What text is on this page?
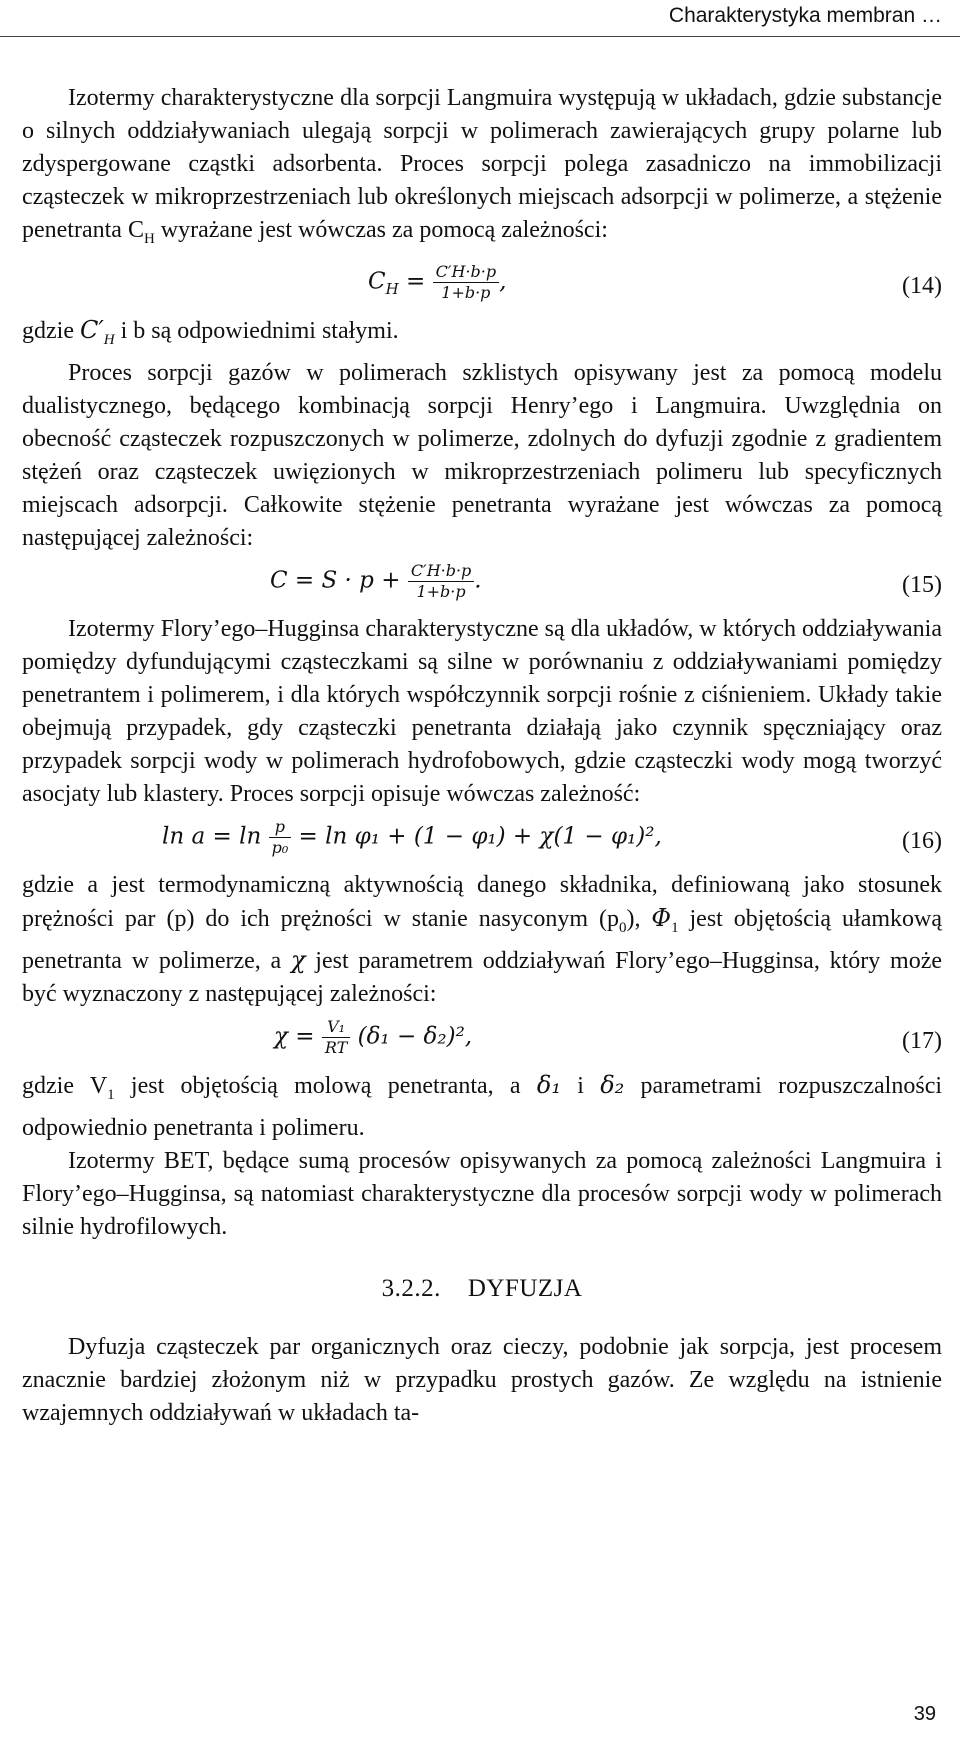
Charakterystyka membran …

Izotermy charakterystyczne dla sorpcji Langmuira występują w układach, gdzie substancje o silnych oddziaływaniach ulegają sorpcji w polimerach zawierających grupy polarne lub zdyspergowane cząstki adsorbenta. Proces sorpcji polega zasadniczo na immobilizacji cząsteczek w mikroprzestrzeniach lub określonych miejscach adsorpcji w polimerze, a stężenie penetranta $C_H$ wyrażane jest wówczas za pomocą zależności:

$C_H = \frac{C'H\cdot b\cdot p}{1+b\cdot p}$ ,	(14)

gdzie $C'_H$ i b są odpowiednimi stałymi.

Proces sorpcji gazów w polimerach szklistych opisywany jest za pomocą modelu dualistycznego, będącego kombinacją sorpcji Henry’ego i Langmuira. Uwzględnia on obecność cząsteczek rozpuszczonych w polimerze, zdolnych do dyfuzji zgodnie z gradientem stężeń oraz cząsteczek uwięzionych w mikroprzestrzeniach polimeru lub specyficznych miejscach adsorpcji. Całkowite stężenie penetranta wyrażane jest wówczas za pomocą następującej zależności:

$C = S \cdot p + \frac{C'H\cdot b\cdot p}{1+b\cdot p}$ .	(15)

Izotermy Flory’ego–Hugginsa charakterystyczne są dla układów, w których oddziaływania pomiędzy dyfundującymi cząsteczkami są silne w porównaniu z oddziaływaniami pomiędzy penetrantem i polimerem, i dla których współczynnik sorpcji rośnie z ciśnieniem. Układy takie obejmują przypadek, gdy cząsteczki penetranta działają jako czynnik spęczniający oraz przypadek sorpcji wody w polimerach hydrofobowych, gdzie cząsteczki wody mogą tworzyć asocjaty lub klastery. Proces sorpcji opisuje wówczas zależność:

$\ln a = \ln \frac{p}{\text{p₀}} = \ln \varphi_1 + (1 - \varphi_1) + \chi(1 - \varphi_1)^2$,	(16)

gdzie a jest termodynamiczną aktywnością danego składnika, definiowaną jako stosunek prężności par (p) do ich prężności w stanie nasyconym $(p_0)$, $\Phi_1$ jest objętością ułamkową penetranta w polimerze, a χ jest parametrem oddziaływań Flory’ego–Hugginsa, który może być wyznaczony z następującej zależności:

$\chi = \frac{\text{V₁}}{RT} (\delta_1 - \delta_2)^2$,	(17)

gdzie $V_1$ jest objętością molową penetranta, a δ₁ i δ₂ parametrami rozpuszczalności odpowiednio penetranta i polimeru.

Izotermy BET, będące sumą procesów opisywanych za pomocą zależności Langmuira i Flory’ego–Hugginsa, są natomiast charakterystyczne dla procesów sorpcji wody w polimerach silnie hydrofilowych.

3.2.2. DYFUZJA

Dyfuzja cząsteczek par organicznych oraz cieczy, podobnie jak sorpcja, jest procesem znacznie bardziej złożonym niż w przypadku prostych gazów. Ze względu na istnienie wzajemnych oddziaływań w układach ta-

39
